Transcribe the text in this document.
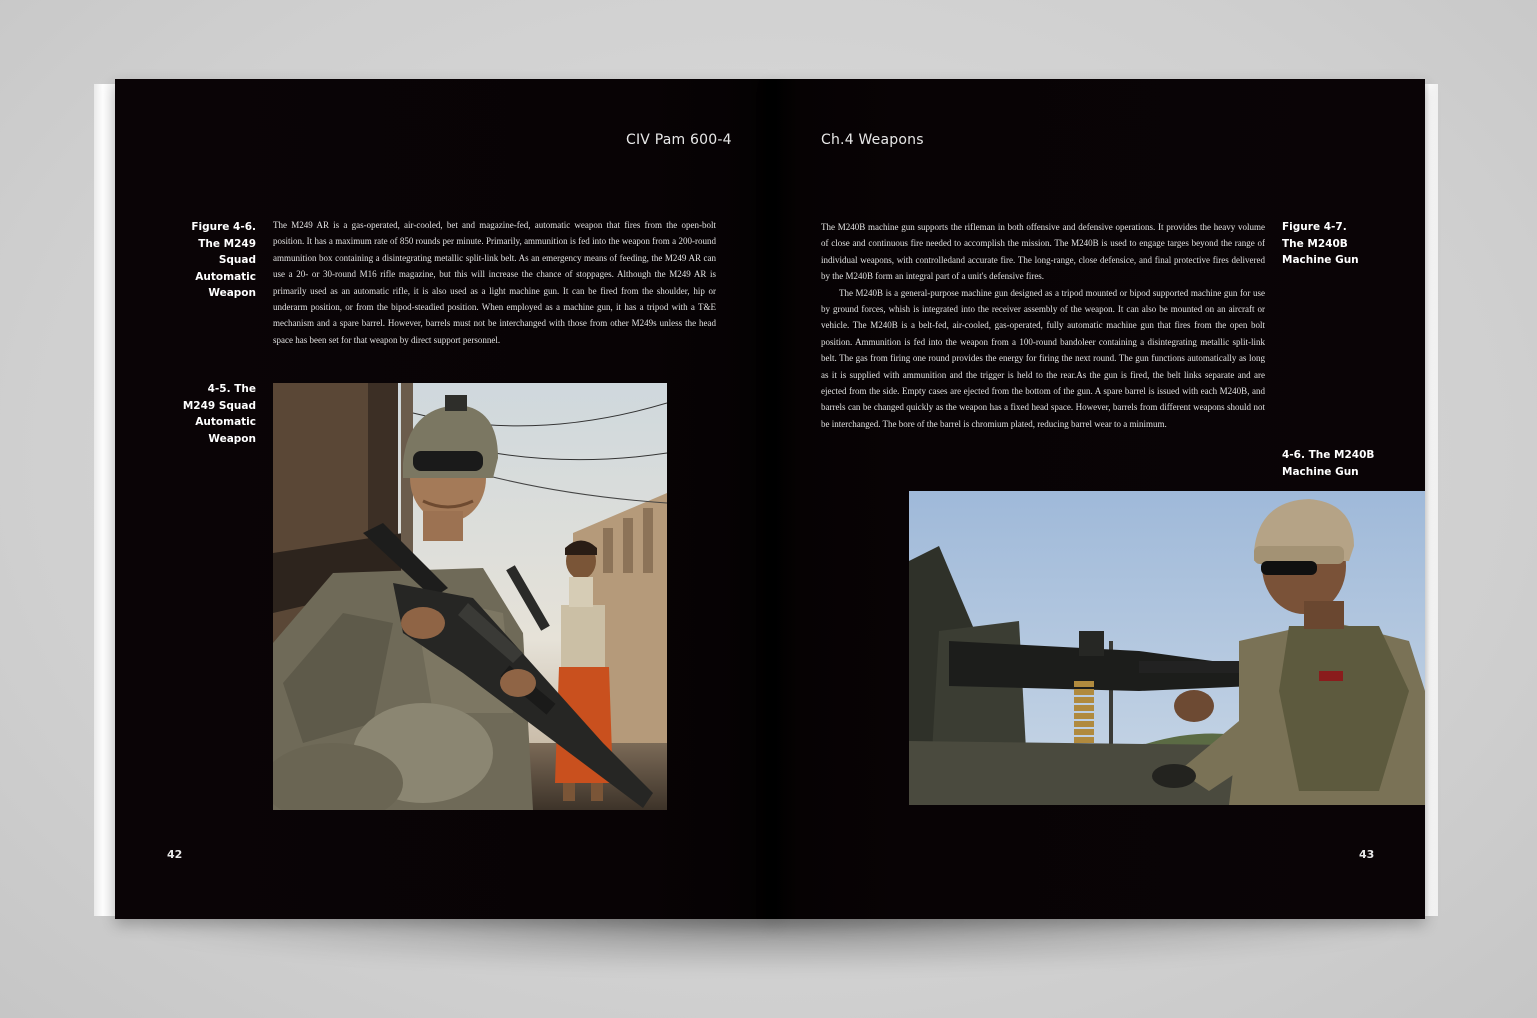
CIV Pam 600-4
Figure 4-6.
The M249
Squad
Automatic
Weapon

The M249 AR is a gas-operated, air-cooled, bet and magazine-fed, automatic weapon that fires from the open-bolt position. It has a maximum rate of 850 rounds per minute. Primarily, ammunition is fed into the weapon from a 200-round ammunition box containing a disintegrating metallic split-link belt. As an emergency means of feeding, the M249 AR can use a 20- or 30-round M16 rifle magazine, but this will increase the chance of stoppages. Although the M249 AR is primarily used as an automatic rifle, it is also used as a light machine gun. It can be fired from the shoulder, hip or underarm position, or from the bipod-steadied position. When employed as a machine gun, it has a tripod with a T&E mechanism and a spare barrel. However, barrels must not be interchanged with those from other M249s unless the head space has been set for that weapon by direct support personnel.

4-5. The
M249 Squad
Automatic
Weapon
42
Ch.4 Weapons

The M240B machine gun supports the rifleman in both offensive and defensive operations. It provides the heavy volume of close and continuous fire needed to accomplish the mission. The M240B is used to engage targes beyond the range of individual weapons, with controlledand accurate fire. The long-range, close defensice, and final protective fires delivered by the M240B form an integral part of a unit's defensive fires.

The M240B is a general-purpose machine gun designed as a tripod mounted or bipod supported machine gun for use by ground forces, whish is integrated into the receiver assembly of the weapon. It can also be mounted on an aircraft or vehicle. The M240B is a belt-fed, air-cooled, gas-operated, fully automatic machine gun that fires from the open bolt position. Ammunition is fed into the weapon from a 100-round bandoleer containing a disintegrating metallic split-link belt. The gas from firing one round provides the energy for firing the next round. The gun functions automatically as long as it is supplied with ammunition and the trigger is held to the rear.As the gun is fired, the belt links separate and are ejected from the side. Empty cases are ejected from the bottom of the gun. A spare barrel is issued with each M240B, and barrels can be changed quickly as the weapon has a fixed head space. However, barrels from different weapons should not be interchanged. The bore of the barrel is chromium plated, reducing barrel wear to a minimum.

Figure 4-7.
The M240B
Machine Gun
4-6. The M240B
Machine Gun
43
